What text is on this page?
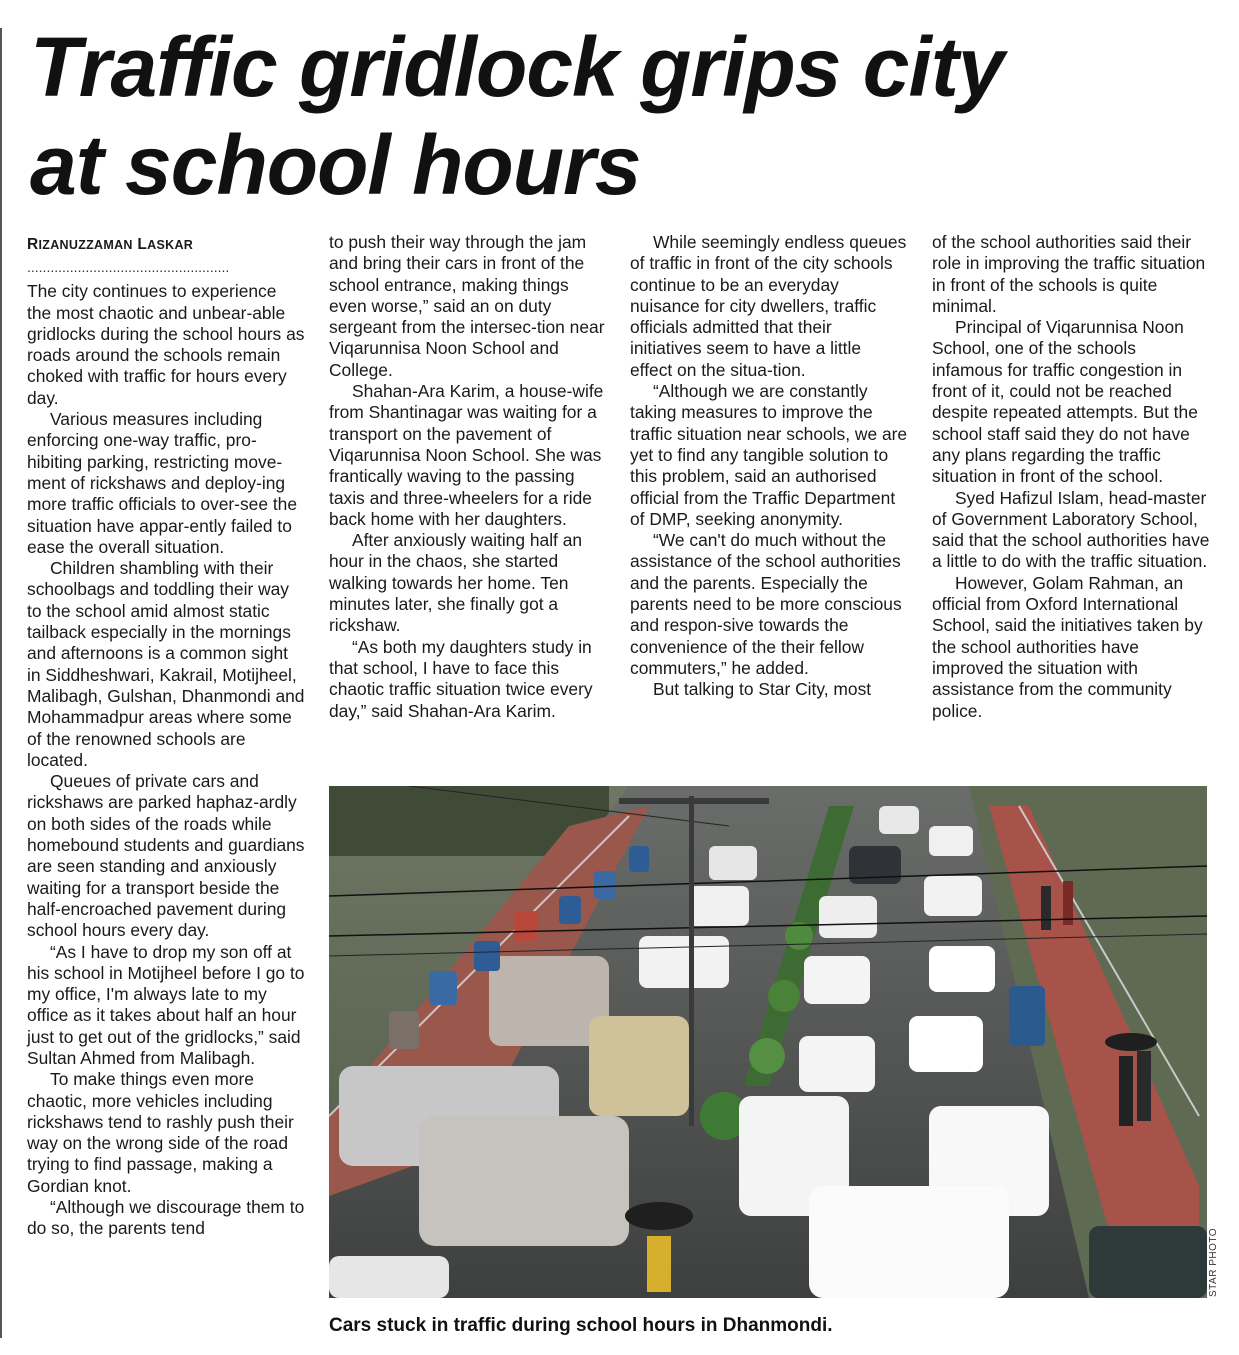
Traffic gridlock grips city
at school hours
RIZANUZZAMAN LASKAR
....................................................

The city continues to experience the most chaotic and unbear-able gridlocks during the school hours as roads around the schools remain choked with traffic for hours every day.

Various measures including enforcing one-way traffic, pro-hibiting parking, restricting move-ment of rickshaws and deploy-ing more traffic officials to over-see the situation have appar-ently failed to ease the overall situation.

Children shambling with their schoolbags and toddling their way to the school amid almost static tailback especially in the mornings and afternoons is a common sight in Siddheshwari, Kakrail, Motijheel, Malibagh, Gulshan, Dhanmondi and Mohammadpur areas where some of the renowned schools are located.

Queues of private cars and rickshaws are parked haphaz-ardly on both sides of the roads while homebound students and guardians are seen standing and anxiously waiting for a transport beside the half-encroached pavement during school hours every day.

“As I have to drop my son off at his school in Motijheel before I go to my office, I'm always late to my office as it takes about half an hour just to get out of the gridlocks,” said Sultan Ahmed from Malibagh.

To make things even more chaotic, more vehicles including rickshaws tend to rashly push their way on the wrong side of the road trying to find passage, making a Gordian knot.

“Although we discourage them to do so, the parents tend

to push their way through the jam and bring their cars in front of the school entrance, making things even worse,” said an on duty sergeant from the intersec-tion near Viqarunnisa Noon School and College.

Shahan-Ara Karim, a house-wife from Shantinagar was waiting for a transport on the pavement of Viqarunnisa Noon School. She was frantically waving to the passing taxis and three-wheelers for a ride back home with her daughters.

After anxiously waiting half an hour in the chaos, she started walking towards her home. Ten minutes later, she finally got a rickshaw.

“As both my daughters study in that school, I have to face this chaotic traffic situation twice every day,” said Shahan-Ara Karim.

While seemingly endless queues of traffic in front of the city schools continue to be an everyday nuisance for city dwellers, traffic officials admitted that their initiatives seem to have a little effect on the situa-tion.

“Although we are constantly taking measures to improve the traffic situation near schools, we are yet to find any tangible solution to this problem, said an authorised official from the Traffic Department of DMP, seeking anonymity.

“We can't do much without the assistance of the school authorities and the parents. Especially the parents need to be more conscious and respon-sive towards the convenience of the their fellow commuters,” he added.

But talking to Star City, most

of the school authorities said their role in improving the traffic situation in front of the schools is quite minimal.

Principal of Viqarunnisa Noon School, one of the schools infamous for traffic congestion in front of it, could not be reached despite repeated attempts. But the school staff said they do not have any plans regarding the traffic situation in front of the school.

Syed Hafizul Islam, head-master of Government Laboratory School, said that the school authorities have a little to do with the traffic situation.

However, Golam Rahman, an official from Oxford International School, said the initiatives taken by the school authorities have improved the situation with assistance from the community police.

STAR PHOTO
Cars stuck in traffic during school hours in Dhanmondi.
